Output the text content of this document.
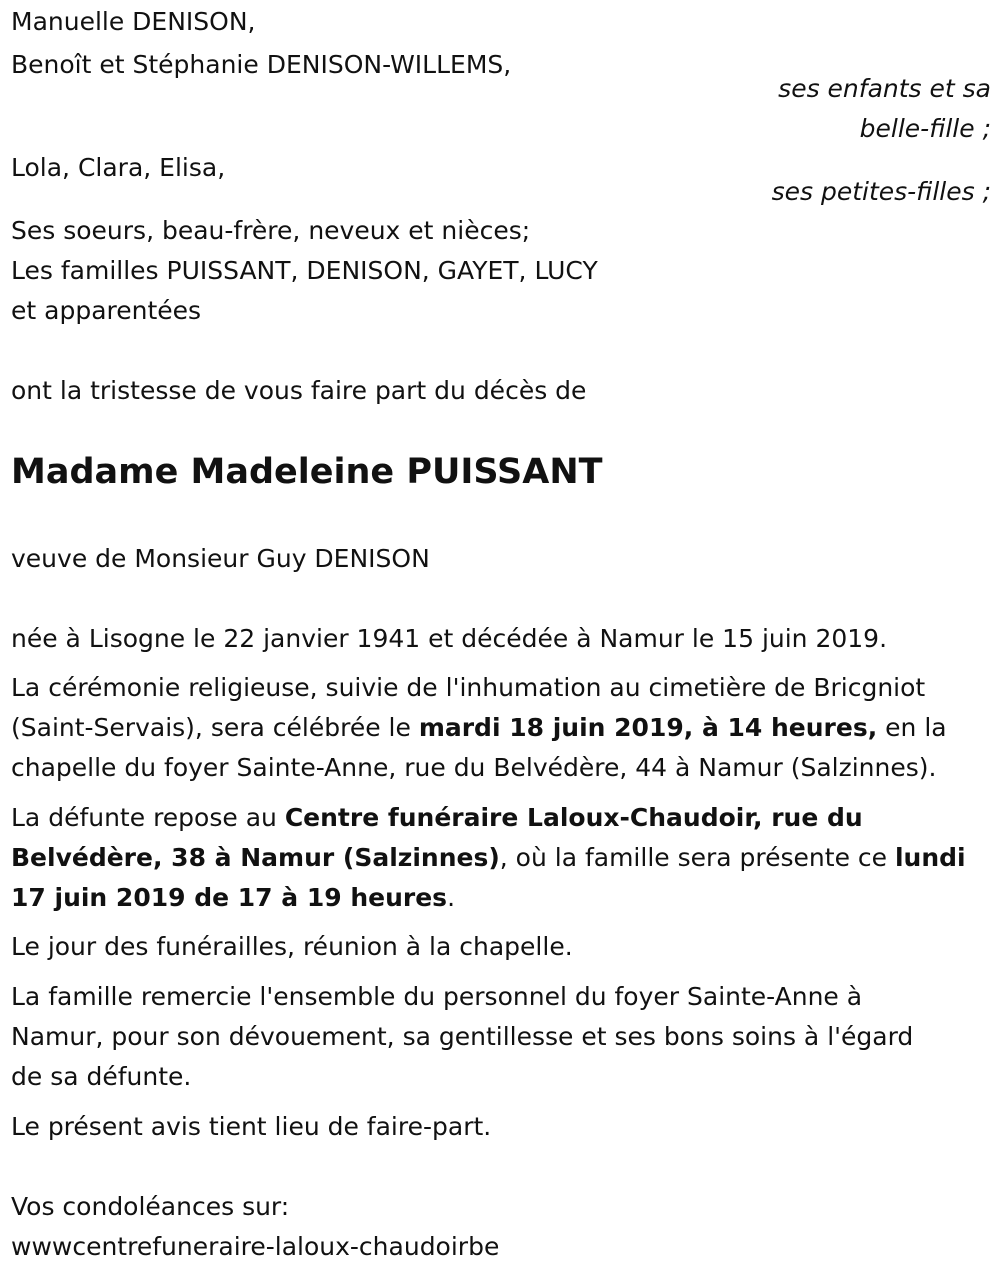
Manuelle DENISON,
Benoît et Stéphanie DENISON-WILLEMS,
ses enfants et sa
belle-fille ;
Lola, Clara, Elisa,
ses petites-filles ;
Ses soeurs, beau-frère, neveux et nièces;
Les familles PUISSANT, DENISON, GAYET, LUCY
et apparentées
ont la tristesse de vous faire part du décès de
Madame Madeleine PUISSANT
veuve de Monsieur Guy DENISON
née à Lisogne le 22 janvier 1941 et décédée à Namur le 15 juin 2019.
La cérémonie religieuse, suivie de l'inhumation au cimetière de Bricgniot
(Saint-Servais), sera célébrée le mardi 18 juin 2019, à 14 heures, en la
chapelle du foyer Sainte-Anne, rue du Belvédère, 44 à Namur (Salzinnes).
La défunte repose au Centre funéraire Laloux-Chaudoir, rue du
Belvédère, 38 à Namur (Salzinnes), où la famille sera présente ce lundi
17 juin 2019 de 17 à 19 heures.
Le jour des funérailles, réunion à la chapelle.
La famille remercie l'ensemble du personnel du foyer Sainte-Anne à
Namur, pour son dévouement, sa gentillesse et ses bons soins à l'égard
de sa défunte.
Le présent avis tient lieu de faire-part.
Vos condoléances sur:
wwwcentrefuneraire-laloux-chaudoirbe
